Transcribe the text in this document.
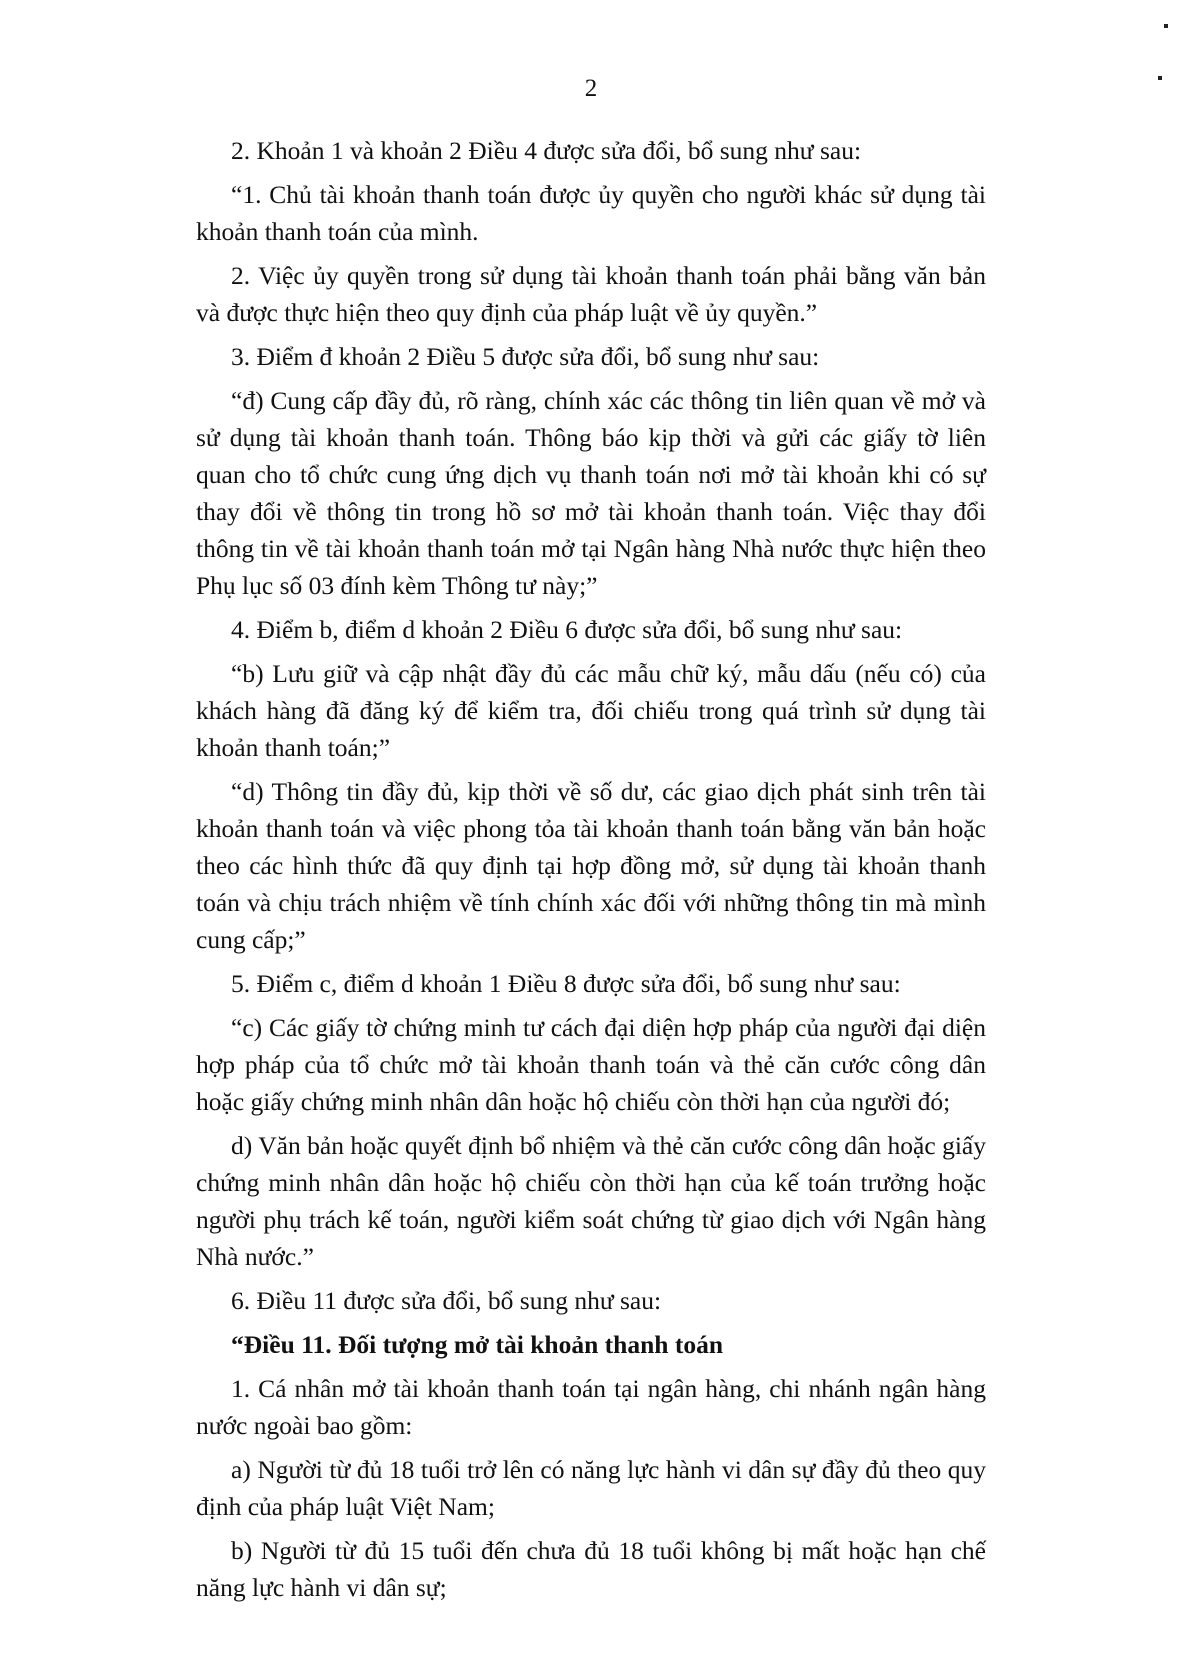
2

2. Khoản 1 và khoản 2 Điều 4 được sửa đổi, bổ sung như sau:

“1. Chủ tài khoản thanh toán được ủy quyền cho người khác sử dụng tài khoản thanh toán của mình.

2. Việc ủy quyền trong sử dụng tài khoản thanh toán phải bằng văn bản và được thực hiện theo quy định của pháp luật về ủy quyền.”

3. Điểm đ khoản 2 Điều 5 được sửa đổi, bổ sung như sau:

“đ) Cung cấp đầy đủ, rõ ràng, chính xác các thông tin liên quan về mở và sử dụng tài khoản thanh toán. Thông báo kịp thời và gửi các giấy tờ liên quan cho tổ chức cung ứng dịch vụ thanh toán nơi mở tài khoản khi có sự thay đổi về thông tin trong hồ sơ mở tài khoản thanh toán. Việc thay đổi thông tin về tài khoản thanh toán mở tại Ngân hàng Nhà nước thực hiện theo Phụ lục số 03 đính kèm Thông tư này;”

4. Điểm b, điểm d khoản 2 Điều 6 được sửa đổi, bổ sung như sau:

“b) Lưu giữ và cập nhật đầy đủ các mẫu chữ ký, mẫu dấu (nếu có) của khách hàng đã đăng ký để kiểm tra, đối chiếu trong quá trình sử dụng tài khoản thanh toán;”

“d) Thông tin đầy đủ, kịp thời về số dư, các giao dịch phát sinh trên tài khoản thanh toán và việc phong tỏa tài khoản thanh toán bằng văn bản hoặc theo các hình thức đã quy định tại hợp đồng mở, sử dụng tài khoản thanh toán và chịu trách nhiệm về tính chính xác đối với những thông tin mà mình cung cấp;”

5. Điểm c, điểm d khoản 1 Điều 8 được sửa đổi, bổ sung như sau:

“c) Các giấy tờ chứng minh tư cách đại diện hợp pháp của người đại diện hợp pháp của tổ chức mở tài khoản thanh toán và thẻ căn cước công dân hoặc giấy chứng minh nhân dân hoặc hộ chiếu còn thời hạn của người đó;

d) Văn bản hoặc quyết định bổ nhiệm và thẻ căn cước công dân hoặc giấy chứng minh nhân dân hoặc hộ chiếu còn thời hạn của kế toán trưởng hoặc người phụ trách kế toán, người kiểm soát chứng từ giao dịch với Ngân hàng Nhà nước.”

6. Điều 11 được sửa đổi, bổ sung như sau:

“Điều 11. Đối tượng mở tài khoản thanh toán

1. Cá nhân mở tài khoản thanh toán tại ngân hàng, chi nhánh ngân hàng nước ngoài bao gồm:

a) Người từ đủ 18 tuổi trở lên có năng lực hành vi dân sự đầy đủ theo quy định của pháp luật Việt Nam;

b) Người từ đủ 15 tuổi đến chưa đủ 18 tuổi không bị mất hoặc hạn chế năng lực hành vi dân sự;
